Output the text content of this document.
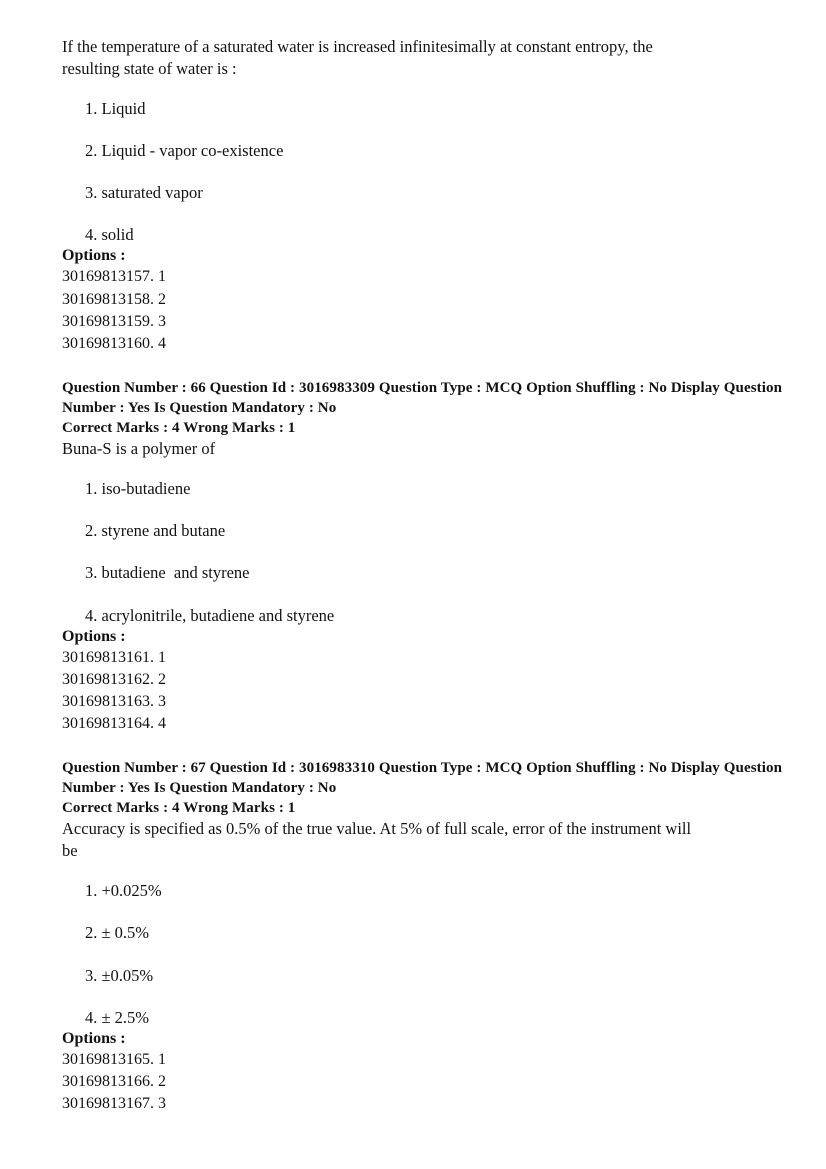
If the temperature of a saturated water is increased infinitesimally at constant entropy, the
resulting state of water is :
1. Liquid
2. Liquid - vapor co-existence
3. saturated vapor
4. solid
Options :
30169813157. 1
30169813158. 2
30169813159. 3
30169813160. 4
Question Number : 66 Question Id : 3016983309 Question Type : MCQ Option Shuffling : No Display Question
Number : Yes Is Question Mandatory : No
Correct Marks : 4 Wrong Marks : 1
Buna-S is a polymer of
1. iso-butadiene
2. styrene and butane
3. butadiene  and styrene
4. acrylonitrile, butadiene and styrene
Options :
30169813161. 1
30169813162. 2
30169813163. 3
30169813164. 4
Question Number : 67 Question Id : 3016983310 Question Type : MCQ Option Shuffling : No Display Question
Number : Yes Is Question Mandatory : No
Correct Marks : 4 Wrong Marks : 1
Accuracy is specified as 0.5% of the true value. At 5% of full scale, error of the instrument will
be
1. +0.025%
2. ± 0.5%
3. ±0.05%
4. ± 2.5%
Options :
30169813165. 1
30169813166. 2
30169813167. 3
